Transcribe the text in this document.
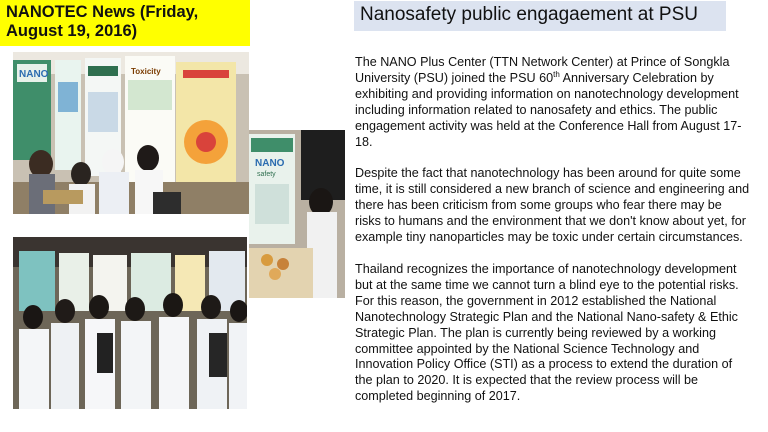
NANOTEC News (Friday,
August 19, 2016)
Nanosafety public engagaement at PSU
NANO	Toxicity
NANO
safety

The NANO Plus Center (TTN Network Center) at Prince of Songkla University (PSU) joined the PSU 60th Anniversary Celebration by exhibiting and providing information on nanotechnology development including information related to nanosafety and ethics. The public engagement activity was held at the Conference Hall from August 17-18.

Despite the fact that nanotechnology has been around for quite some time, it is still considered a new branch of science and engineering and there has been criticism from some groups who fear there may be risks to humans and the environment that we don't know about yet, for example tiny nanoparticles may be toxic under certain circumstances.

Thailand recognizes the importance of nanotechnology development but at the same time we cannot turn a blind eye to the potential risks. For this reason, the government in 2012 established the National Nanotechnology Strategic Plan and the National Nano-safety & Ethic Strategic Plan. The plan is currently being reviewed by a working committee appointed by the National Science Technology and Innovation Policy Office (STI) as a process to extend the duration of the plan to 2020. It is expected that the review process will be completed beginning of 2017.
